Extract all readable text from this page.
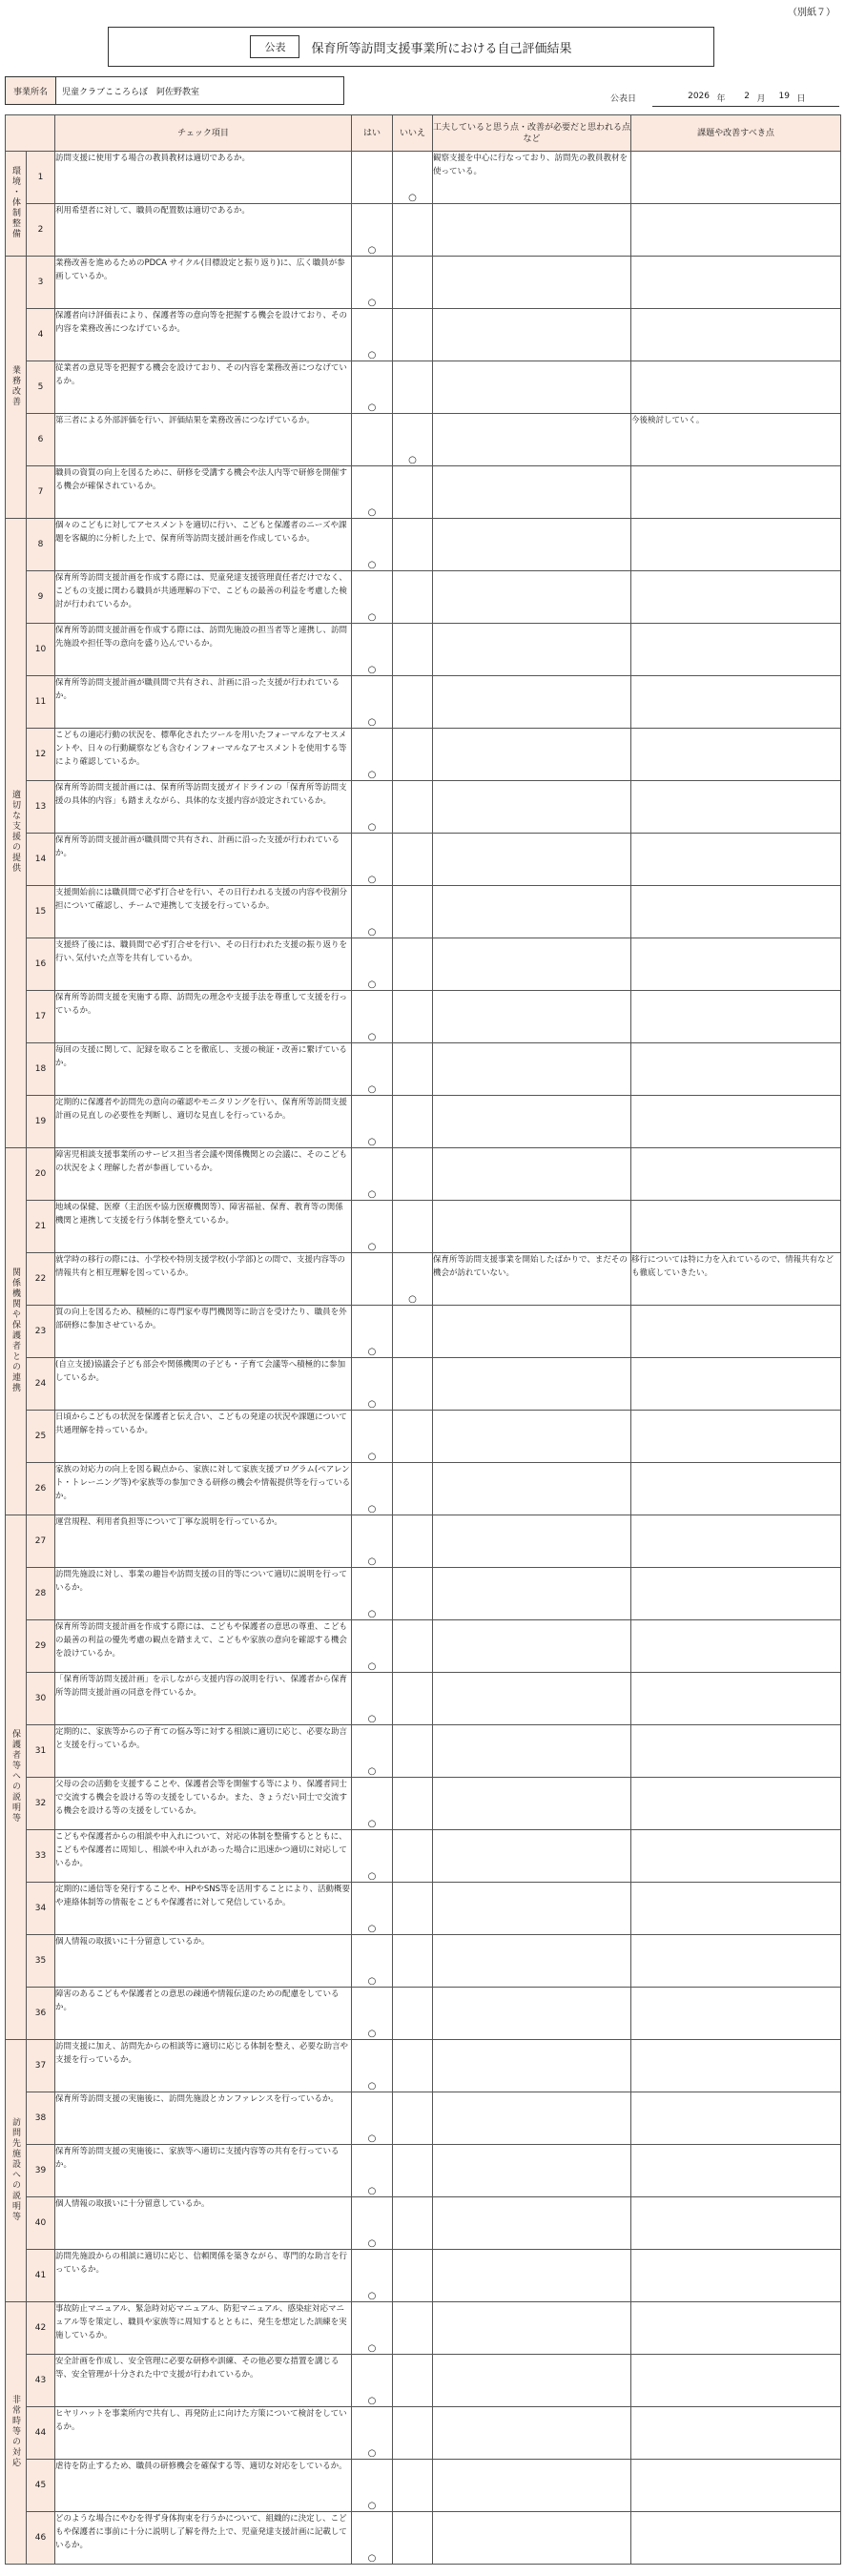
（別紙７）
公表	保育所等訪問支援事業所における自己評価結果
事業所名	児童クラブこころらぼ　阿佐野教室
公表日	2026 年	2 月	19 日
		チェック項目	はい	いいえ	工夫していると思う点・改善が必要だと思われる点など	課題や改善すべき点
環境・体制整備	1	訪問支援に使用する場合の教員教材は適切であるか。		○	観察支援を中心に行なっており、訪問先の教員教材を使っている。	
	2	利用希望者に対して、職員の配置数は適切であるか。	○			
業務改善	3	業務改善を進めるためのPDCA サイクル(目標設定と振り返り)に、広く職員が参画しているか。	○			
	4	保護者向け評価表により、保護者等の意向等を把握する機会を設けており、その内容を業務改善につなげているか。	○			
	5	従業者の意見等を把握する機会を設けており、その内容を業務改善につなげているか。	○			
	6	第三者による外部評価を行い、評価結果を業務改善につなげているか。		○		今後検討していく。
	7	職員の資質の向上を図るために、研修を受講する機会や法人内等で研修を開催する機会が確保されているか。	○			
適切な支援の提供	8	個々のこどもに対してアセスメントを適切に行い、こどもと保護者のニーズや課題を客観的に分析した上で、保育所等訪問支援計画を作成しているか。	○			
	9	保育所等訪問支援計画を作成する際には、児童発達支援管理責任者だけでなく、こどもの支援に関わる職員が共通理解の下で、こどもの最善の利益を考慮した検討が行われているか。	○			
	10	保育所等訪問支援計画を作成する際には、訪問先施設の担当者等と連携し、訪問先施設や担任等の意向を盛り込んでいるか。	○			
	11	保育所等訪問支援計画が職員間で共有され、計画に沿った支援が行われているか。	○			
	12	こどもの適応行動の状況を、標準化されたツールを用いたフォーマルなアセスメントや、日々の行動観察なども含むインフォーマルなアセスメントを使用する等により確認しているか。	○			
	13	保育所等訪問支援計画には、保育所等訪問支援ガイドラインの「保育所等訪問支援の具体的内容」も踏まえながら、具体的な支援内容が設定されているか。	○			
	14	保育所等訪問支援計画が職員間で共有され、計画に沿った支援が行われているか。	○			
	15	支援開始前には職員間で必ず打合せを行い、その日行われる支援の内容や役割分担について確認し、チームで連携して支援を行っているか。	○			
	16	支援終了後には、職員間で必ず打合せを行い、その日行われた支援の振り返りを行い､気付いた点等を共有しているか。	○			
	17	保育所等訪問支援を実施する際、訪問先の理念や支援手法を尊重して支援を行っているか。	○			
	18	毎回の支援に関して、記録を取ることを徹底し、支援の検証・改善に繋げているか。	○			
	19	定期的に保護者や訪問先の意向の確認やモニタリングを行い、保育所等訪問支援計画の見直しの必要性を判断し、適切な見直しを行っているか。	○			
関係機関や保護者との連携	20	障害児相談支援事業所のサービス担当者会議や関係機関との会議に、そのこどもの状況をよく理解した者が参画しているか。	○			
	21	地域の保健、医療（主治医や協力医療機関等）、障害福祉、保育、教育等の関係機関と連携して支援を行う体制を整えているか。	○			
	22	就学時の移行の際には、小学校や特別支援学校(小学部)との間で、支援内容等の情報共有と相互理解を図っているか。		○	保育所等訪問支援事業を開始したばかりで、まだその機会が訪れていない。	移行については特に力を入れているので、情報共有なども徹底していきたい。
	23	質の向上を図るため、積極的に専門家や専門機関等に助言を受けたり、職員を外部研修に参加させているか。	○			
	24	(自立支援)協議会子ども部会や関係機関の子ども・子育て会議等へ積極的に参加しているか。	○			
	25	日頃からこどもの状況を保護者と伝え合い、こどもの発達の状況や課題について共通理解を持っているか。	○			
	26	家族の対応力の向上を図る観点から、家族に対して家族支援プログラム(ペアレント・トレーニング等)や家族等の参加できる研修の機会や情報提供等を行っているか。	○			
保護者等への説明等	27	運営規程、利用者負担等について丁寧な説明を行っているか。	○			
	28	訪問先施設に対し、事業の趣旨や訪問支援の目的等について適切に説明を行っているか。	○			
	29	保育所等訪問支援計画を作成する際には、こどもや保護者の意思の尊重、こどもの最善の利益の優先考慮の観点を踏まえて、こどもや家族の意向を確認する機会を設けているか。	○			
	30	「保育所等訪問支援計画」を示しながら支援内容の説明を行い、保護者から保育所等訪問支援計画の同意を得ているか。	○			
	31	定期的に、家族等からの子育ての悩み等に対する相談に適切に応じ、必要な助言と支援を行っているか。	○			
	32	父母の会の活動を支援することや、保護者会等を開催する等により、保護者同士で交流する機会を設ける等の支援をしているか。また、きょうだい同士で交流する機会を設ける等の支援をしているか。	○			
	33	こどもや保護者からの相談や申入れについて、対応の体制を整備するとともに、こどもや保護者に周知し、相談や申入れがあった場合に迅速かつ適切に対応しているか。	○			
	34	定期的に通信等を発行することや、HPやSNS等を活用することにより、活動概要や連絡体制等の情報をこどもや保護者に対して発信しているか。	○			
	35	個人情報の取扱いに十分留意しているか。	○			
	36	障害のあるこどもや保護者との意思の疎通や情報伝達のための配慮をしているか。	○			
訪問先施設への説明等	37	訪問支援に加え、訪問先からの相談等に適切に応じる体制を整え、必要な助言や支援を行っているか。	○			
	38	保育所等訪問支援の実施後に、訪問先施設とカンファレンスを行っているか。	○			
	39	保育所等訪問支援の実施後に、家族等へ適切に支援内容等の共有を行っているか。	○			
	40	個人情報の取扱いに十分留意しているか。	○			
	41	訪問先施設からの相談に適切に応じ、信頼関係を築きながら、専門的な助言を行っているか。	○			
非常時等の対応	42	事故防止マニュアル、緊急時対応マニュアル、防犯マニュアル、感染症対応マニュアル等を策定し、職員や家族等に周知するとともに、発生を想定した訓練を実施しているか。	○			
	43	安全計画を作成し、安全管理に必要な研修や訓練、その他必要な措置を講じる等、安全管理が十分された中で支援が行われているか。	○			
	44	ヒヤリハットを事業所内で共有し、再発防止に向けた方策について検討をしているか。	○			
	45	虐待を防止するため、職員の研修機会を確保する等、適切な対応をしているか。	○			
	46	どのような場合にやむを得ず身体拘束を行うかについて、組織的に決定し、こどもや保護者に事前に十分に説明し了解を得た上で、児童発達支援計画に記載しているか。	○			
